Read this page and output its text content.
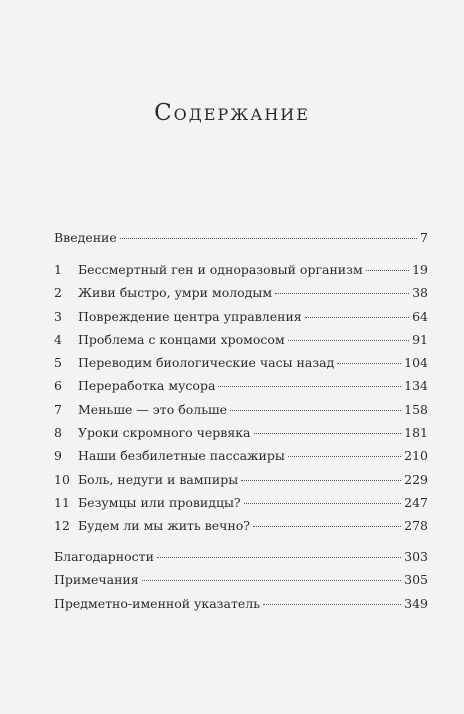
Содержание
Введение	7
1	Бессмертный ген и одноразовый организм	19
2	Живи быстро, умри молодым	38
3	Повреждение центра управления	64
4	Проблема с концами хромосом	91
5	Переводим биологические часы назад	104
6	Переработка мусора	134
7	Меньше — это больше	158
8	Уроки скромного червяка	181
9	Наши безбилетные пассажиры	210
10 Боль, недуги и вампиры	229
11 Безумцы или провидцы?	247
12 Будем ли мы жить вечно?	278
Благодарности	303
Примечания	305
Предметно-именной указатель	349
